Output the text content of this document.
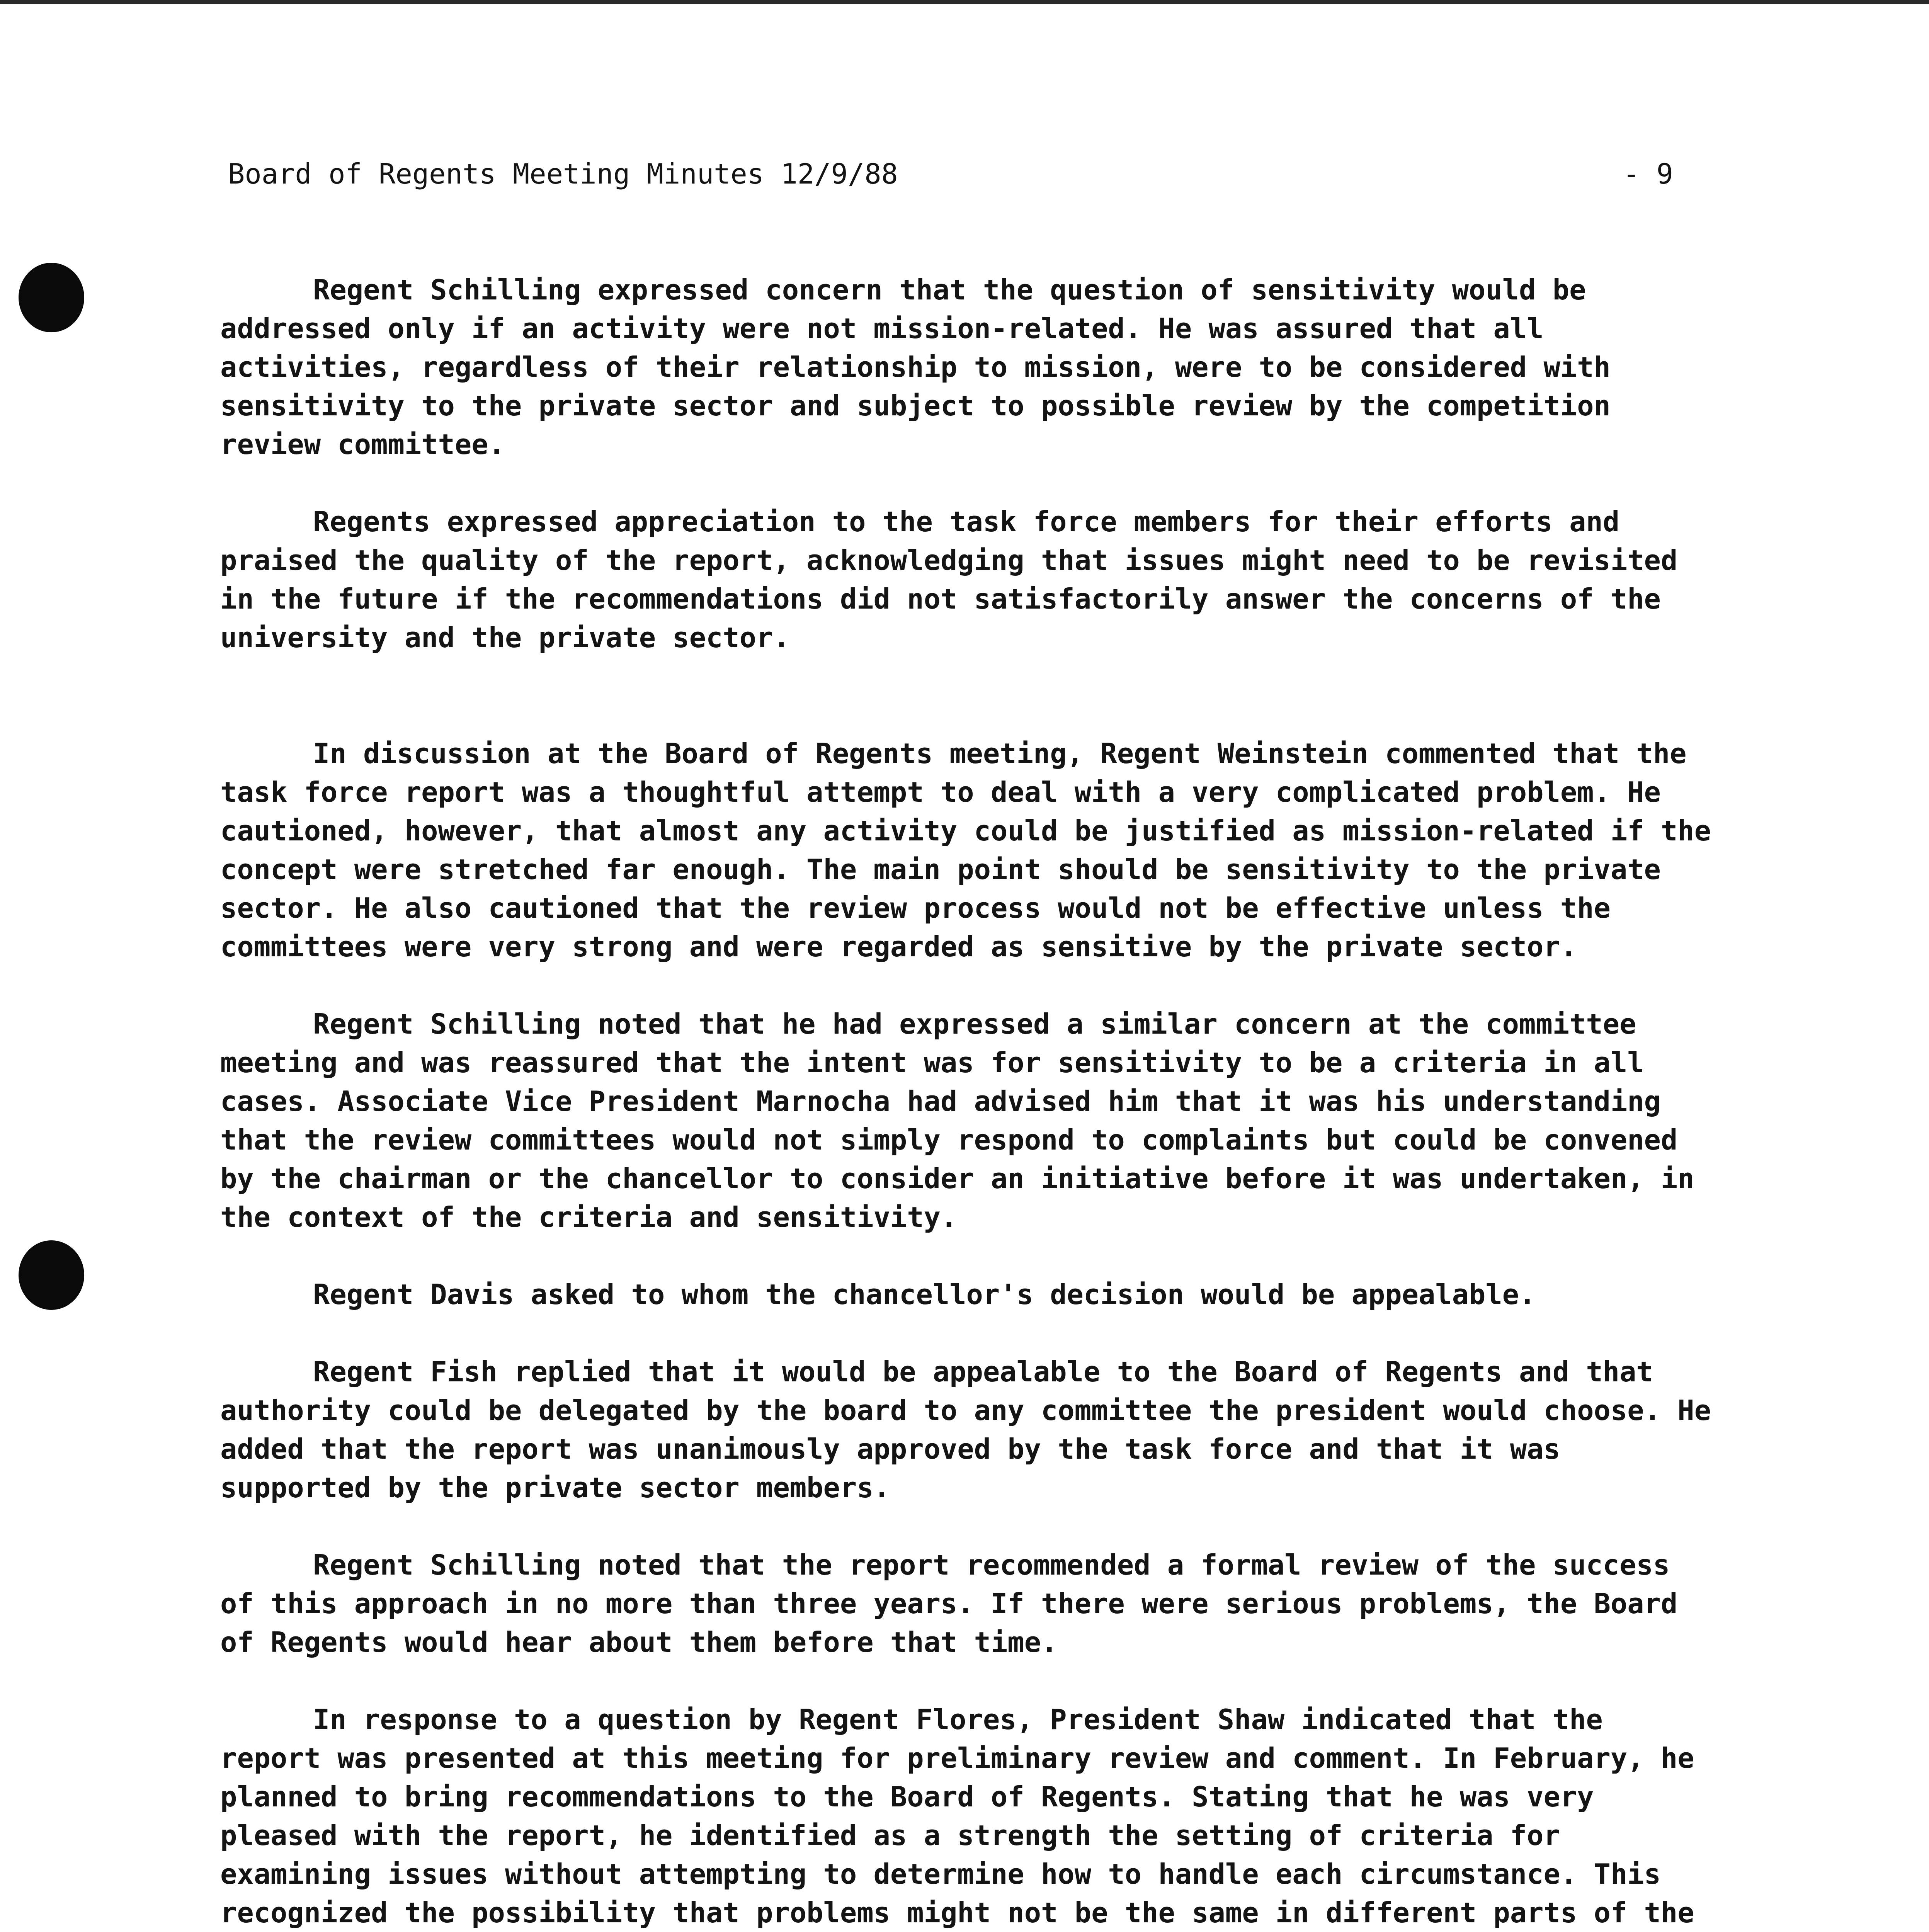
Board of Regents Meeting Minutes 12/9/88

	- 9

Regent Schilling expressed concern that the question of sensitivity would be addressed only if an activity were not mission-related. He was assured that all activities, regardless of their relationship to mission, were to be considered with sensitivity to the private sector and subject to possible review by the competition review committee.

Regents expressed appreciation to the task force members for their efforts and praised the quality of the report, acknowledging that issues might need to be revisited in the future if the recommendations did not satisfactorily answer the concerns of the university and the private sector.

In discussion at the Board of Regents meeting, Regent Weinstein commented that the task force report was a thoughtful attempt to deal with a very complicated problem. He cautioned, however, that almost any activity could be justified as mission-related if the concept were stretched far enough. The main point should be sensitivity to the private sector. He also cautioned that the review process would not be effective unless the committees were very strong and were regarded as sensitive by the private sector.

Regent Schilling noted that he had expressed a similar concern at the committee meeting and was reassured that the intent was for sensitivity to be a criteria in all cases. Associate Vice President Marnocha had advised him that it was his understanding that the review committees would not simply respond to complaints but could be convened by the chairman or the chancellor to consider an initiative before it was undertaken, in the context of the criteria and sensitivity.

Regent Davis asked to whom the chancellor's decision would be appealable.

Regent Fish replied that it would be appealable to the Board of Regents and that authority could be delegated by the board to any committee the president would choose. He added that the report was unanimously approved by the task force and that it was supported by the private sector members.

Regent Schilling noted that the report recommended a formal review of the success of this approach in no more than three years. If there were serious problems, the Board of Regents would hear about them before that time.

In response to a question by Regent Flores, President Shaw indicated that the report was presented at this meeting for preliminary review and comment. In February, he planned to bring recommendations to the Board of Regents. Stating that he was very pleased with the report, he identified as a strength the setting of criteria for examining issues without attempting to determine how to handle each circumstance. This recognized the possibility that problems might not be the same in different parts of the
